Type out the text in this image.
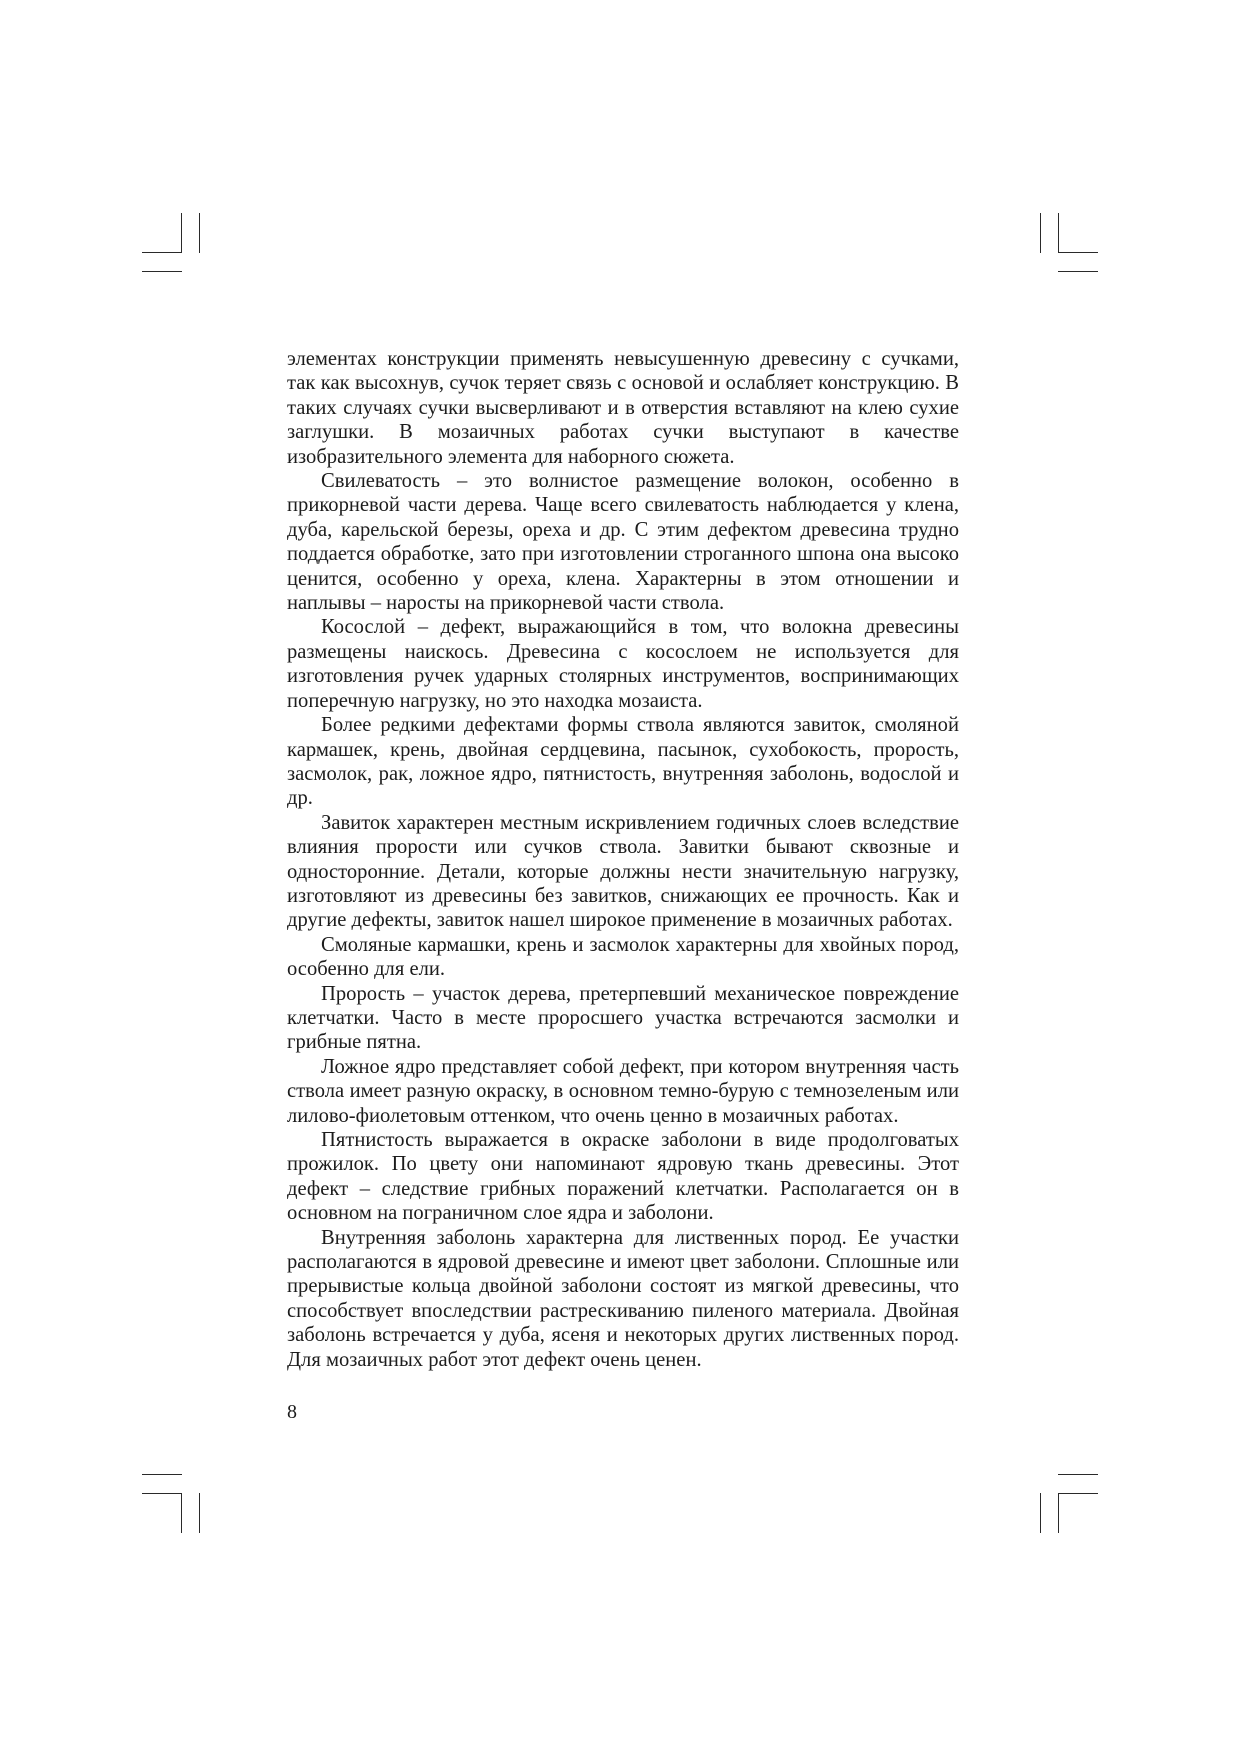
элементах конструкции применять невысушенную древесину с сучками, так как высохнув, сучок теряет связь с основой и ослабляет конструкцию. В таких случаях сучки высверливают и в отверстия вставляют на клею сухие заглушки. В мозаичных работах сучки выступают в качестве изобразительного элемента для наборного сюжета.

Свилеватость – это волнистое размещение волокон, особенно в прикорневой части дерева. Чаще всего свилеватость наблюдается у клена, дуба, карельской березы, ореха и др. С этим дефектом древесина трудно поддается обработке, зато при изготовлении строганного шпона она высоко ценится, особенно у ореха, клена. Характерны в этом отношении и наплывы – наросты на прикорневой части ствола.

Косослой – дефект, выражающийся в том, что волокна древесины размещены наискось. Древесина с косослоем не используется для изготовления ручек ударных столярных инструментов, воспринимающих поперечную нагрузку, но это находка мозаиста.

Более редкими дефектами формы ствола являются завиток, смоляной кармашек, крень, двойная сердцевина, пасынок, сухобокость, прорость, засмолок, рак, ложное ядро, пятнистость, внутренняя заболонь, водослой и др.

Завиток характерен местным искривлением годичных слоев вследствие влияния прорости или сучков ствола. Завитки бывают сквозные и односторонние. Детали, которые должны нести значительную нагрузку, изготовляют из древесины без завитков, снижающих ее прочность. Как и другие дефекты, завиток нашел широкое применение в мозаичных работах.

Смоляные кармашки, крень и засмолок характерны для хвойных пород, особенно для ели.

Прорость – участок дерева, претерпевший механическое повреждение клетчатки. Часто в месте проросшего участка встречаются засмолки и грибные пятна.

Ложное ядро представляет собой дефект, при котором внутренняя часть ствола имеет разную окраску, в основном темно-бурую с темнозеленым или лилово-фиолетовым оттенком, что очень ценно в мозаичных работах.

Пятнистость выражается в окраске заболони в виде продолговатых прожилок. По цвету они напоминают ядровую ткань древесины. Этот дефект – следствие грибных поражений клетчатки. Располагается он в основном на пограничном слое ядра и заболони.

Внутренняя заболонь характерна для лиственных пород. Ее участки располагаются в ядровой древесине и имеют цвет заболони. Сплошные или прерывистые кольца двойной заболони состоят из мягкой древесины, что способствует впоследствии растрескиванию пиленого материала. Двойная заболонь встречается у дуба, ясеня и некоторых других лиственных пород. Для мозаичных работ этот дефект очень ценен.

8
